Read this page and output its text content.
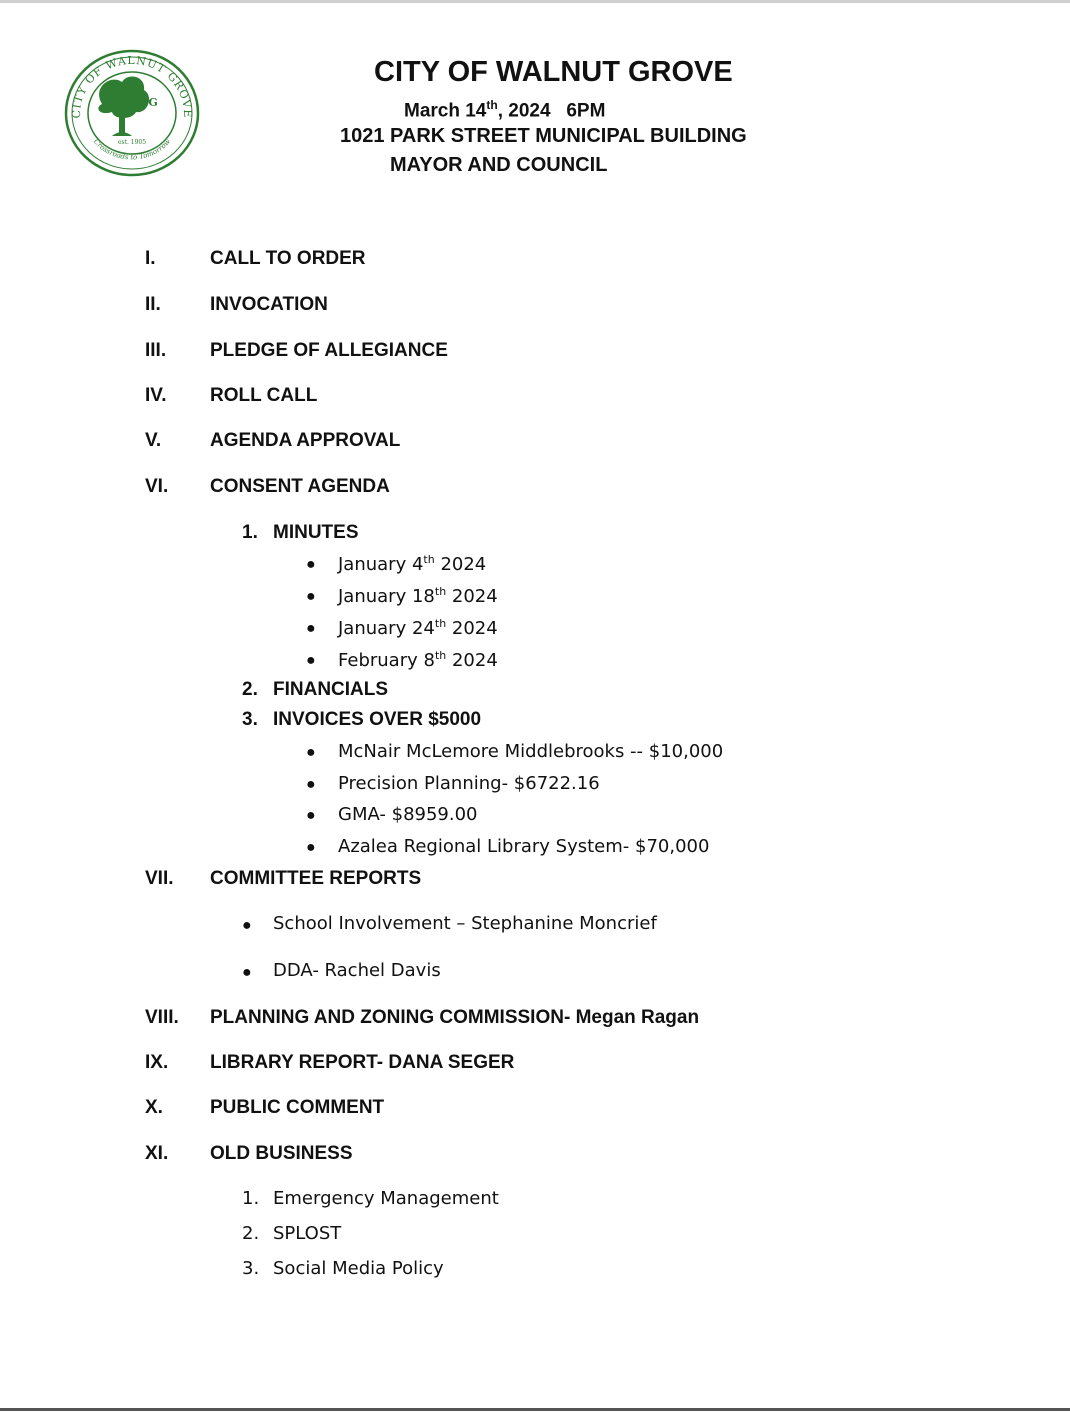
CITY OF WALNUT GROVE
Crossroads to Tomorrow
WG
est. 1905
CITY OF WALNUT GROVE
March 14th, 2024   6PM
1021 PARK STREET MUNICIPAL BUILDING
MAYOR AND COUNCIL
I.	CALL TO ORDER
II.	INVOCATION
III. PLEDGE OF ALLEGIANCE
IV. ROLL CALL
V.	AGENDA APPROVAL
VI. CONSENT AGENDA
1. MINUTES
● January 4th 2024
● January 18th 2024
● January 24th 2024
● February 8th 2024
2. FINANCIALS
3. INVOICES OVER $5000
● McNair McLemore Middlebrooks -- $10,000
● Precision Planning- $6722.16
● GMA- $8959.00
● Azalea Regional Library System- $70,000
VII. COMMITTEE REPORTS
● School Involvement – Stephanine Moncrief
● DDA- Rachel Davis
VIII. PLANNING AND ZONING COMMISSION- Megan Ragan
IX. LIBRARY REPORT- DANA SEGER
X. PUBLIC COMMENT
XI. OLD BUSINESS
1. Emergency Management
2. SPLOST
3. Social Media Policy
